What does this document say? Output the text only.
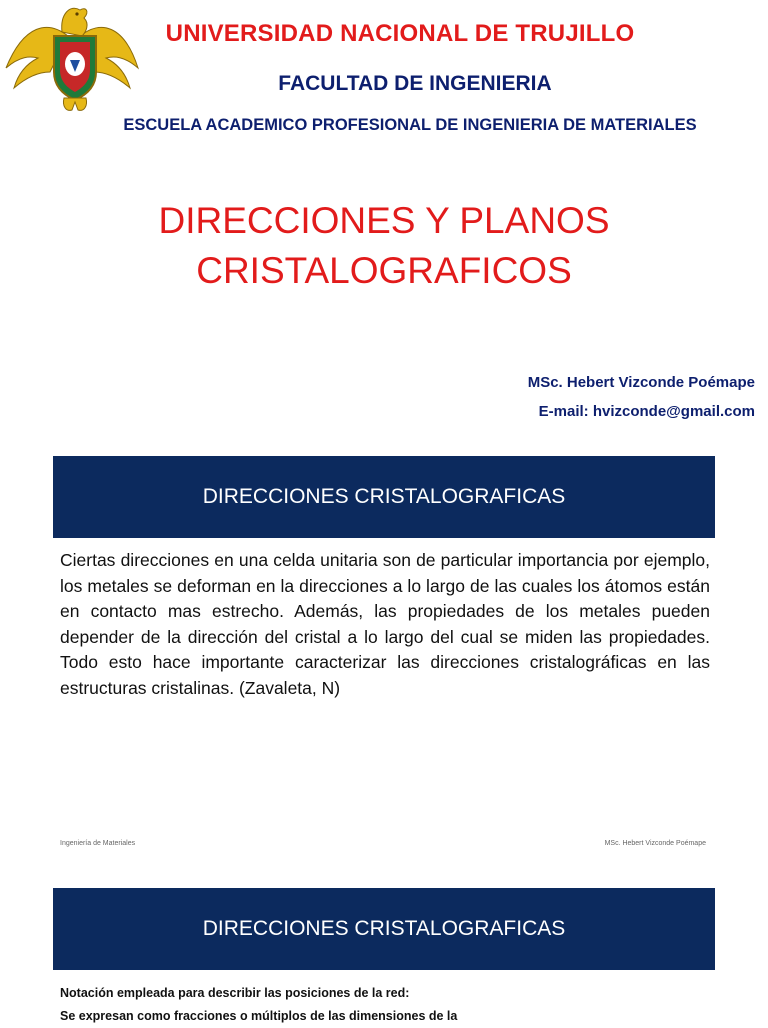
UNIVERSIDAD NACIONAL DE TRUJILLO
FACULTAD DE INGENIERIA
ESCUELA ACADEMICO PROFESIONAL DE INGENIERIA DE MATERIALES
DIRECCIONES Y PLANOS
CRISTALOGRAFICOS
MSc. Hebert Vizconde Poémape
E-mail: hvizconde@gmail.com
DIRECCIONES CRISTALOGRAFICAS
Ciertas direcciones en una celda unitaria son de particular importancia por ejemplo, los metales se deforman en la direcciones a lo largo de las cuales los átomos están en contacto mas estrecho. Además, las propiedades de los metales pueden depender de la dirección del cristal a lo largo del cual se miden las propiedades. Todo esto hace importante caracterizar las direcciones cristalográficas en las estructuras cristalinas. (Zavaleta, N)
Ingeniería de Materiales	MSc. Hebert Vizconde Poémape
DIRECCIONES CRISTALOGRAFICAS
Notación empleada para describir las posiciones de la red:
Se expresan como fracciones o múltiplos de las dimensiones de la
